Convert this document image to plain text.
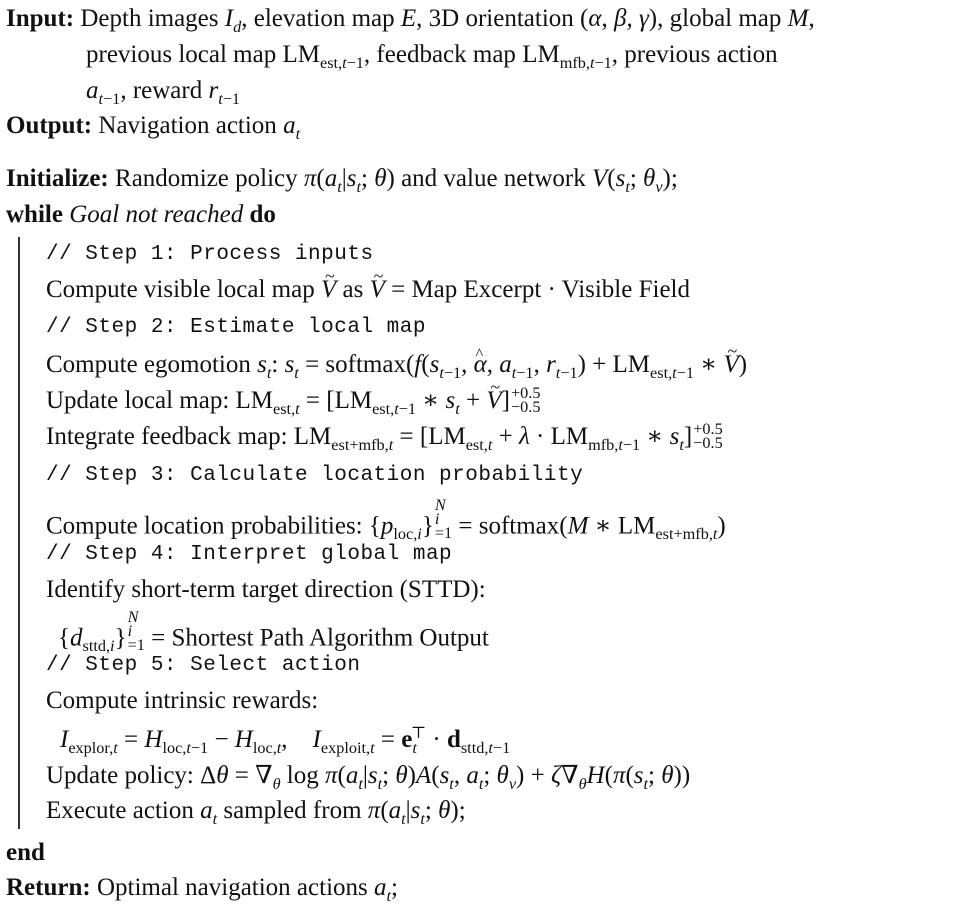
Input: Depth images $I_d$, elevation map E, 3D orientation (α, β, γ), global map M,
previous local map $LM_{est,t-1}$, feedback map $LM_{mfb,t-1}$, previous action
$a_{t-1}$, reward $r_{t-1}$
Output: Navigation action $a_t$
Initialize: Randomize policy $\pi(a_t|s_t$; θ) and value network $V(s_t$; $\theta_v$);
while Goal not reached do
// Step 1: Process inputs
Compute visible local map ~ V as ~ V = Map Excerpt · Visible Field
// Step 2: Estimate local map
Compute egomotion $s_t$: $s_t$ = $softmax(f(s_{t-1}$, ^ α, $a_{t-1}$, $r_{t-1}) + LM_{est,t-1}$ ∗ ~ V)
Update local map: $LM_{est,t} = [LM_{est,t-1}$ ∗ $s_t$ + ~ V] +0.5
−0.5
Integrate feedback map: $LM_{est+mfb,t} = [LM_{est,t} + \lambda \cdot LM_{mfb,t-1}$ ∗ $s_t] +0.5$
−0.5
// Step 3: Calculate location probability
Compute location probabilities: $\{p_{loc,i}\}$
N
i
=1 = softmax(M ∗ $LM_{est+mfb,t}$)
// Step 4: Interpret global map
Identify short-term target direction (STTD):
$\{d_{sttd,i}\}$
N
i
=1 = Shortest Path Algorithm Output
// Step 5: Select action
Compute intrinsic rewards:
$I_{explor,t} = H_{loc,t-1} - H_{loc,t}$,    $I_{exploit,t} = e_t^⊤ \cdot d_{sttd,t-1}$
Update policy: $\Delta\theta = \nabla_\theta$ $\log \pi(a_t|s_t$; $\theta)A(s_t$, $a_t$; $\theta_v) + \zeta\nabla_\theta H(\pi(s_t$; θ))
Execute action $a_t$ sampled from $\pi(a_t|s_t$; θ);
end
Return: Optimal navigation actions $a_t$;
